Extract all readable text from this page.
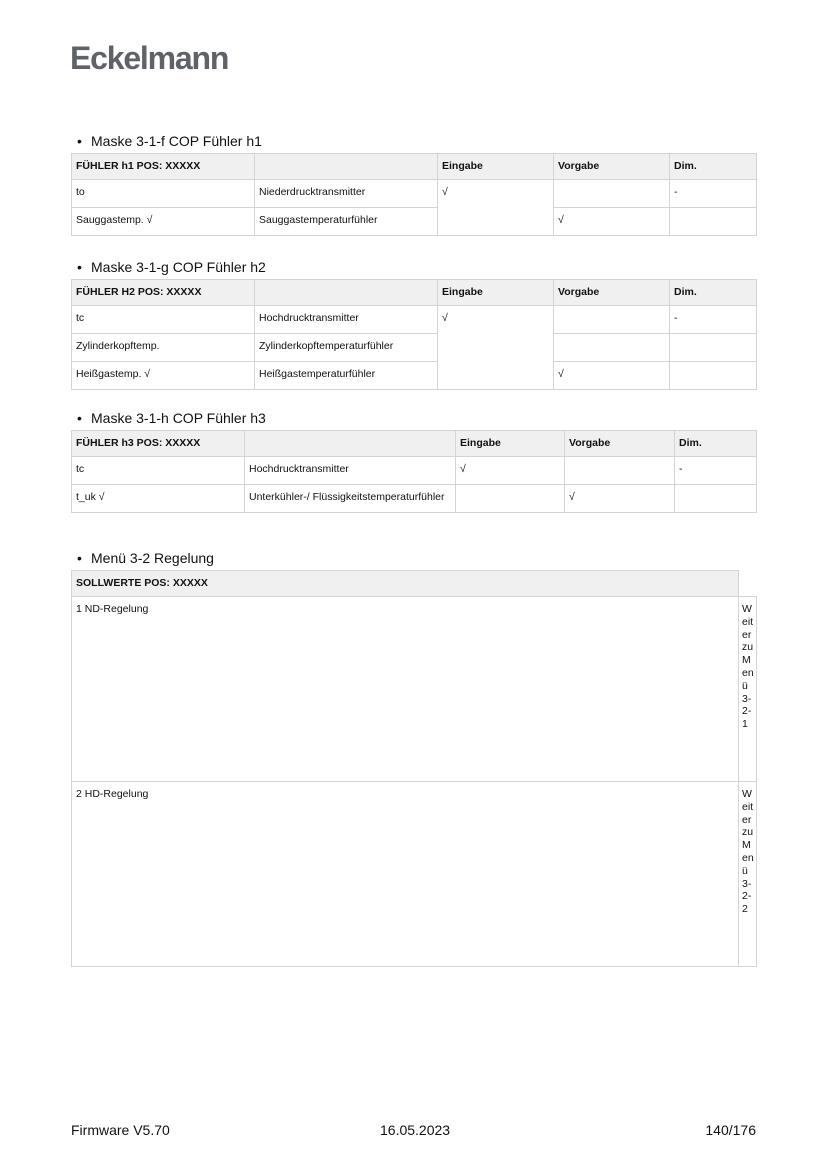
Eckelmann
• Maske 3-1-f COP Fühler h1
FÜHLER h1 POS: XXXXX		Eingabe	Vorgabe	Dim.
to	Niederdrucktransmitter	√		-
Sauggastemp. √	Sauggastemperaturfühler		√	
• Maske 3-1-g COP Fühler h2
FÜHLER H2 POS: XXXXX		Eingabe	Vorgabe	Dim.
tc	Hochdrucktransmitter	√		-
Zylinderkopftemp.	Zylinderkopftemperaturfühler			
Heißgastemp. √	Heißgastemperaturfühler		√	
• Maske 3-1-h COP Fühler h3
FÜHLER h3 POS: XXXXX		Eingabe	Vorgabe	Dim.
tc	Hochdrucktransmitter	√		-
t_uk √	Unterkühler-/ Flüssigkeitstemperaturfühler		√	
• Menü 3-2 Regelung
SOLLWERTE POS: XXXXX	
1 ND-Regelung	Weiter zu Menü 3-2-1
2 HD-Regelung	Weiter zu Menü 3-2-2
Firmware V5.70	16.05.2023	140/176
